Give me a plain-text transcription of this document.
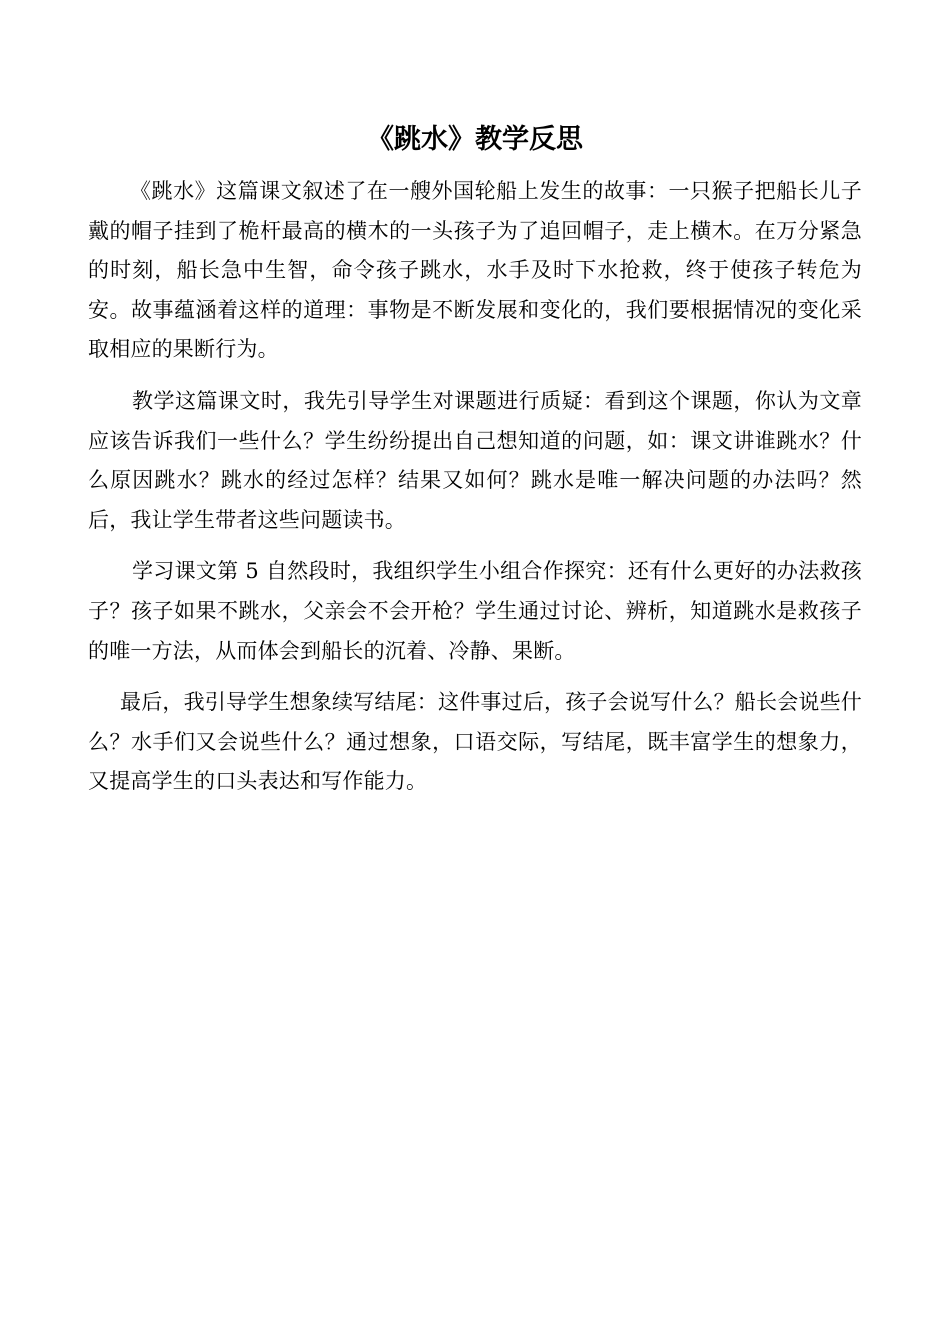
《跳水》教学反思

《跳水》这篇课文叙述了在一艘外国轮船上发生的故事：一只猴子把船长儿子戴的帽子挂到了桅杆最高的横木的一头孩子为了追回帽子，走上横木。在万分紧急的时刻，船长急中生智，命令孩子跳水，水手及时下水抢救，终于使孩子转危为安。故事蕴涵着这样的道理：事物是不断发展和变化的，我们要根据情况的变化采取相应的果断行为。

教学这篇课文时，我先引导学生对课题进行质疑：看到这个课题，你认为文章应该告诉我们一些什么？学生纷纷提出自己想知道的问题，如：课文讲谁跳水？什么原因跳水？跳水的经过怎样？结果又如何？跳水是唯一解决问题的办法吗？然后，我让学生带者这些问题读书。

学习课文第 5 自然段时，我组织学生小组合作探究：还有什么更好的办法救孩子？孩子如果不跳水，父亲会不会开枪？学生通过讨论、辨析，知道跳水是救孩子的唯一方法，从而体会到船长的沉着、冷静、果断。

最后，我引导学生想象续写结尾：这件事过后，孩子会说写什么？船长会说些什么？水手们又会说些什么？通过想象，口语交际，写结尾，既丰富学生的想象力，又提高学生的口头表达和写作能力。
